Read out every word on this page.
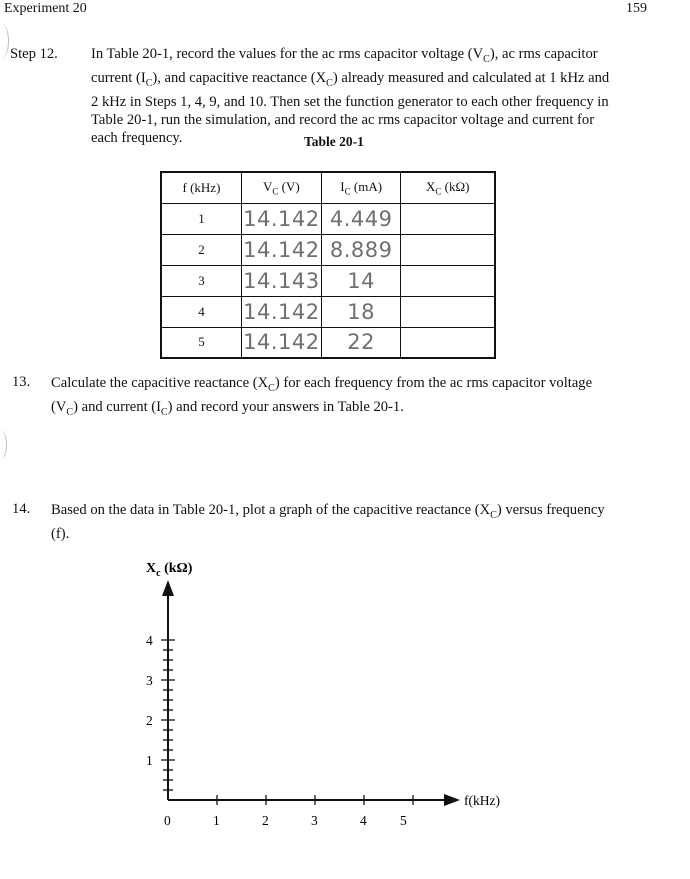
Experiment 20	159
Step 12. In Table 20-1, record the values for the ac rms capacitor voltage $(V_C)$, ac rms capacitor
current $(I_C)$, and capacitive reactance $(X_C)$ already measured and calculated at 1 kHz and
2 kHz in Steps 1, 4, 9, and 10. Then set the function generator to each other frequency in
Table 20-1, run the simulation, and record the ac rms capacitor voltage and current for
each frequency.	Table 20-1
f (kHz)	$V_C$ (V)	$I_C$ (mA)	$X_C$ (kΩ)
1	14.142	4.449	
2	14.142	8.889	
3	14.143	14	
4	14.142	18	
5	14.142	22	
13. Calculate the capacitive reactance $(X_C)$ for each frequency from the ac rms capacitor voltage
$(V_C)$ and current $(I_C)$ and record your answers in Table 20-1.
14. Based on the data in Table 20-1, plot a graph of the capacitive reactance $(X_C)$ versus frequency
(f).
$X_c$ (kΩ)
f(kHz)
1
2
3
4
0	1	2	3	4 5
